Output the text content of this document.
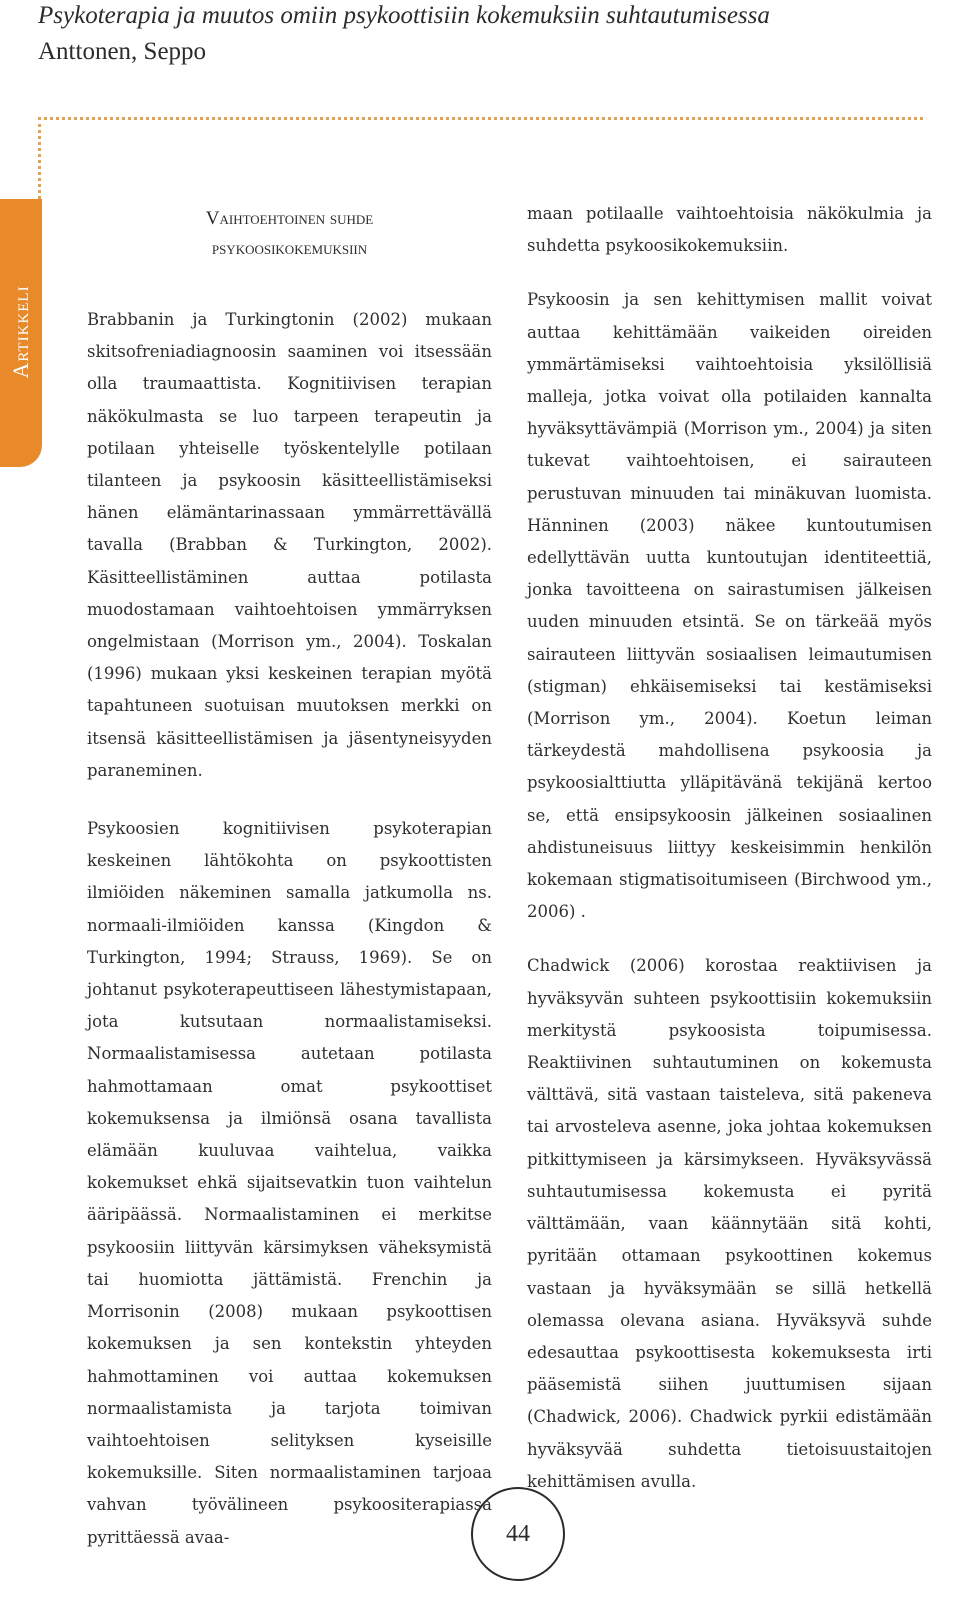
Psykoterapia ja muutos omiin psykoottisiin kokemuksiin suhtautumisessa

Anttonen, Seppo

Artikkeli
Vaihtoehtoinen suhde
psykoosikokemuksiin

Brabbanin ja Turkingtonin (2002) mukaan skitsofreniadiagnoosin saaminen voi itsessään olla traumaattista. Kognitiivisen terapian näkökulmasta se luo tarpeen terapeutin ja potilaan yhteiselle työskentelylle potilaan tilanteen ja psykoosin käsitteellistämiseksi hänen elämäntarinassaan ymmärrettävällä tavalla (Brabban & Turkington, 2002). Käsitteellistäminen auttaa potilasta muodostamaan vaihtoehtoisen ymmärryksen ongelmistaan (Morrison ym., 2004). Toskalan (1996) mukaan yksi keskeinen terapian myötä tapahtuneen suotuisan muutoksen merkki on itsensä käsitteellistämisen ja jäsentyneisyyden paraneminen.

Psykoosien kognitiivisen psykoterapian keskeinen lähtökohta on psykoottisten ilmiöiden näkeminen samalla jatkumolla ns. normaali-ilmiöiden kanssa (Kingdon & Turkington, 1994; Strauss, 1969). Se on johtanut psykoterapeuttiseen lähestymistapaan, jota kutsutaan normaalistamiseksi. Normaalistamisessa autetaan potilasta hahmottamaan omat psykoottiset kokemuksensa ja ilmiönsä osana tavallista elämään kuuluvaa vaihtelua, vaikka kokemukset ehkä sijaitsevatkin tuon vaihtelun ääripäässä. Normaalistaminen ei merkitse psykoosiin liittyvän kärsimyksen väheksymistä tai huomiotta jättämistä. Frenchin ja Morrisonin (2008) mukaan psykoottisen kokemuksen ja sen kontekstin yhteyden hahmottaminen voi auttaa kokemuksen normaalistamista ja tarjota toimivan vaihtoehtoisen selityksen kyseisille kokemuksille. Siten normaalistaminen tarjoaa vahvan työvälineen psykoositerapiassa pyrittäessä avaa-

maan potilaalle vaihtoehtoisia näkökulmia ja suhdetta psykoosikokemuksiin.

Psykoosin ja sen kehittymisen mallit voivat auttaa kehittämään vaikeiden oireiden ymmärtämiseksi vaihtoehtoisia yksilöllisiä malleja, jotka voivat olla potilaiden kannalta hyväksyttävämpiä (Morrison ym., 2004) ja siten tukevat vaihtoehtoisen, ei sairauteen perustuvan minuuden tai minäkuvan luomista. Hänninen (2003) näkee kuntoutumisen edellyttävän uutta kuntoutujan identiteettiä, jonka tavoitteena on sairastumisen jälkeisen uuden minuuden etsintä. Se on tärkeää myös sairauteen liittyvän sosiaalisen leimautumisen (stigman) ehkäisemiseksi tai kestämiseksi (Morrison ym., 2004). Koetun leiman tärkeydestä mahdollisena psykoosia ja psykoosialttiutta ylläpitävänä tekijänä kertoo se, että ensipsykoosin jälkeinen sosiaalinen ahdistuneisuus liittyy keskeisimmin henkilön kokemaan stigmatisoitumiseen (Birchwood ym., 2006) .

Chadwick (2006) korostaa reaktiivisen ja hyväksyvän suhteen psykoottisiin kokemuksiin merkitystä psykoosista toipumisessa. Reaktiivinen suhtautuminen on kokemusta välttävä, sitä vastaan taisteleva, sitä pakeneva tai arvosteleva asenne, joka johtaa kokemuksen pitkittymiseen ja kärsimykseen. Hyväksyvässä suhtautumisessa kokemusta ei pyritä välttämään, vaan käännytään sitä kohti, pyritään ottamaan psykoottinen kokemus vastaan ja hyväksymään se sillä hetkellä olemassa olevana asiana. Hyväksyvä suhde edesauttaa psykoottisesta kokemuksesta irti pääsemistä siihen juuttumisen sijaan (Chadwick, 2006). Chadwick pyrkii edistämään hyväksyvää suhdetta tietoisuustaitojen kehittämisen avulla.

44
